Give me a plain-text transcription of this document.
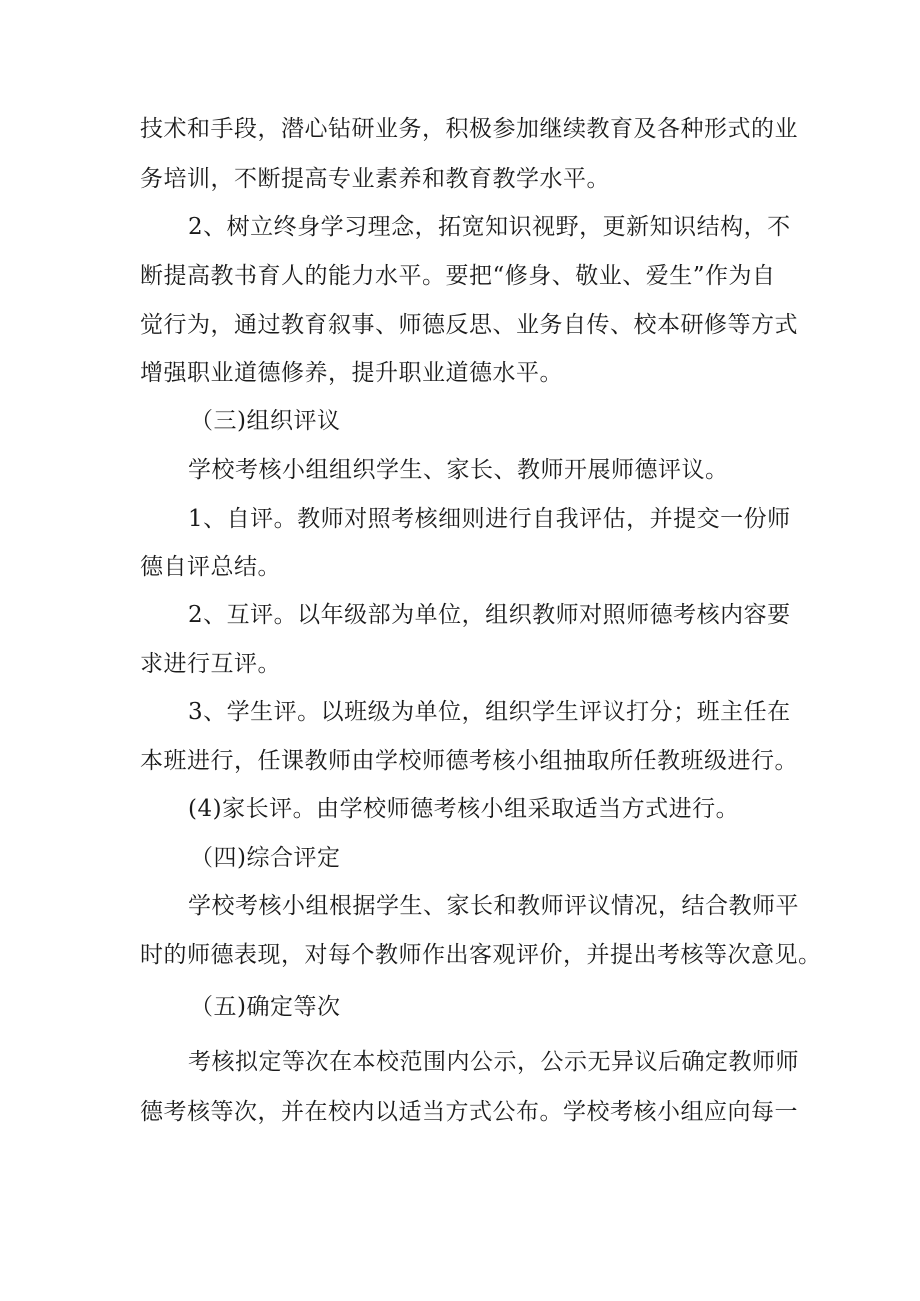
技术和手段，潜心钻研业务，积极参加继续教育及各种形式的业
务培训，不断提高专业素养和教育教学水平。
2、树立终身学习理念，拓宽知识视野，更新知识结构，不
断提高教书育人的能力水平。要把“修身、敬业、爱生”作为自
觉行为，通过教育叙事、师德反思、业务自传、校本研修等方式
增强职业道德修养，提升职业道德水平。
（三)组织评议
学校考核小组组织学生、家长、教师开展师德评议。
1、自评。教师对照考核细则进行自我评估，并提交一份师
德自评总结。
2、互评。以年级部为单位，组织教师对照师德考核内容要
求进行互评。
3、学生评。以班级为单位，组织学生评议打分；班主任在
本班进行，任课教师由学校师德考核小组抽取所任教班级进行。
(4)家长评。由学校师德考核小组采取适当方式进行。
（四)综合评定
学校考核小组根据学生、家长和教师评议情况，结合教师平
时的师德表现，对每个教师作出客观评价，并提出考核等次意见。
（五)确定等次
考核拟定等次在本校范围内公示，公示无异议后确定教师师
德考核等次，并在校内以适当方式公布。学校考核小组应向每一
